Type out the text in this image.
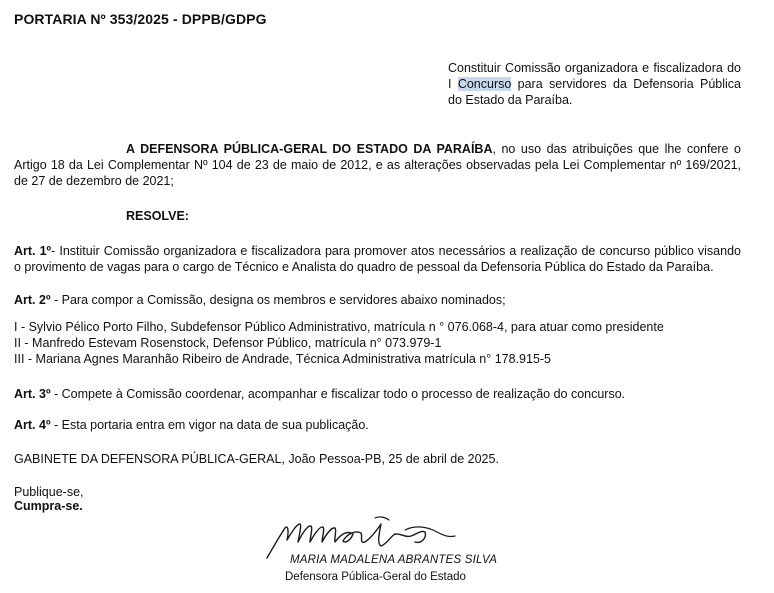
PORTARIA Nº 353/2025 - DPPB/GDPG
Constituir Comissão organizadora e fiscalizadora do I Concurso para servidores da Defensoria Pública do Estado da Paraíba.
A DEFENSORA PÚBLICA-GERAL DO ESTADO DA PARAÍBA, no uso das atribuições que lhe confere o Artigo 18 da Lei Complementar Nº 104 de 23 de maio de 2012, e as alterações observadas pela Lei Complementar nº 169/2021, de 27 de dezembro de 2021;
RESOLVE:
Art. 1º- Instituir Comissão organizadora e fiscalizadora para promover atos necessários a realização de concurso público visando o provimento de vagas para o cargo de Técnico e Analista do quadro de pessoal da Defensoria Pública do Estado da Paraíba.
Art. 2º - Para compor a Comissão, designa os membros e servidores abaixo nominados;
I - Sylvio Pélico Porto Filho, Subdefensor Público Administrativo, matrícula n ° 076.068-4, para atuar como presidente
II - Manfredo Estevam Rosenstock, Defensor Público, matrícula n° 073.979-1
III - Mariana Agnes Maranhão Ribeiro de Andrade, Técnica Administrativa matrícula n° 178.915-5
Art. 3º - Compete à Comissão coordenar, acompanhar e fiscalizar todo o processo de realização do concurso.
Art. 4º - Esta portaria entra em vigor na data de sua publicação.
GABINETE DA DEFENSORA PÚBLICA-GERAL, João Pessoa-PB, 25 de abril de 2025.
Publique-se,
Cumpra-se.
MARIA MADALENA ABRANTES SILVA
Defensora Pública-Geral do Estado
